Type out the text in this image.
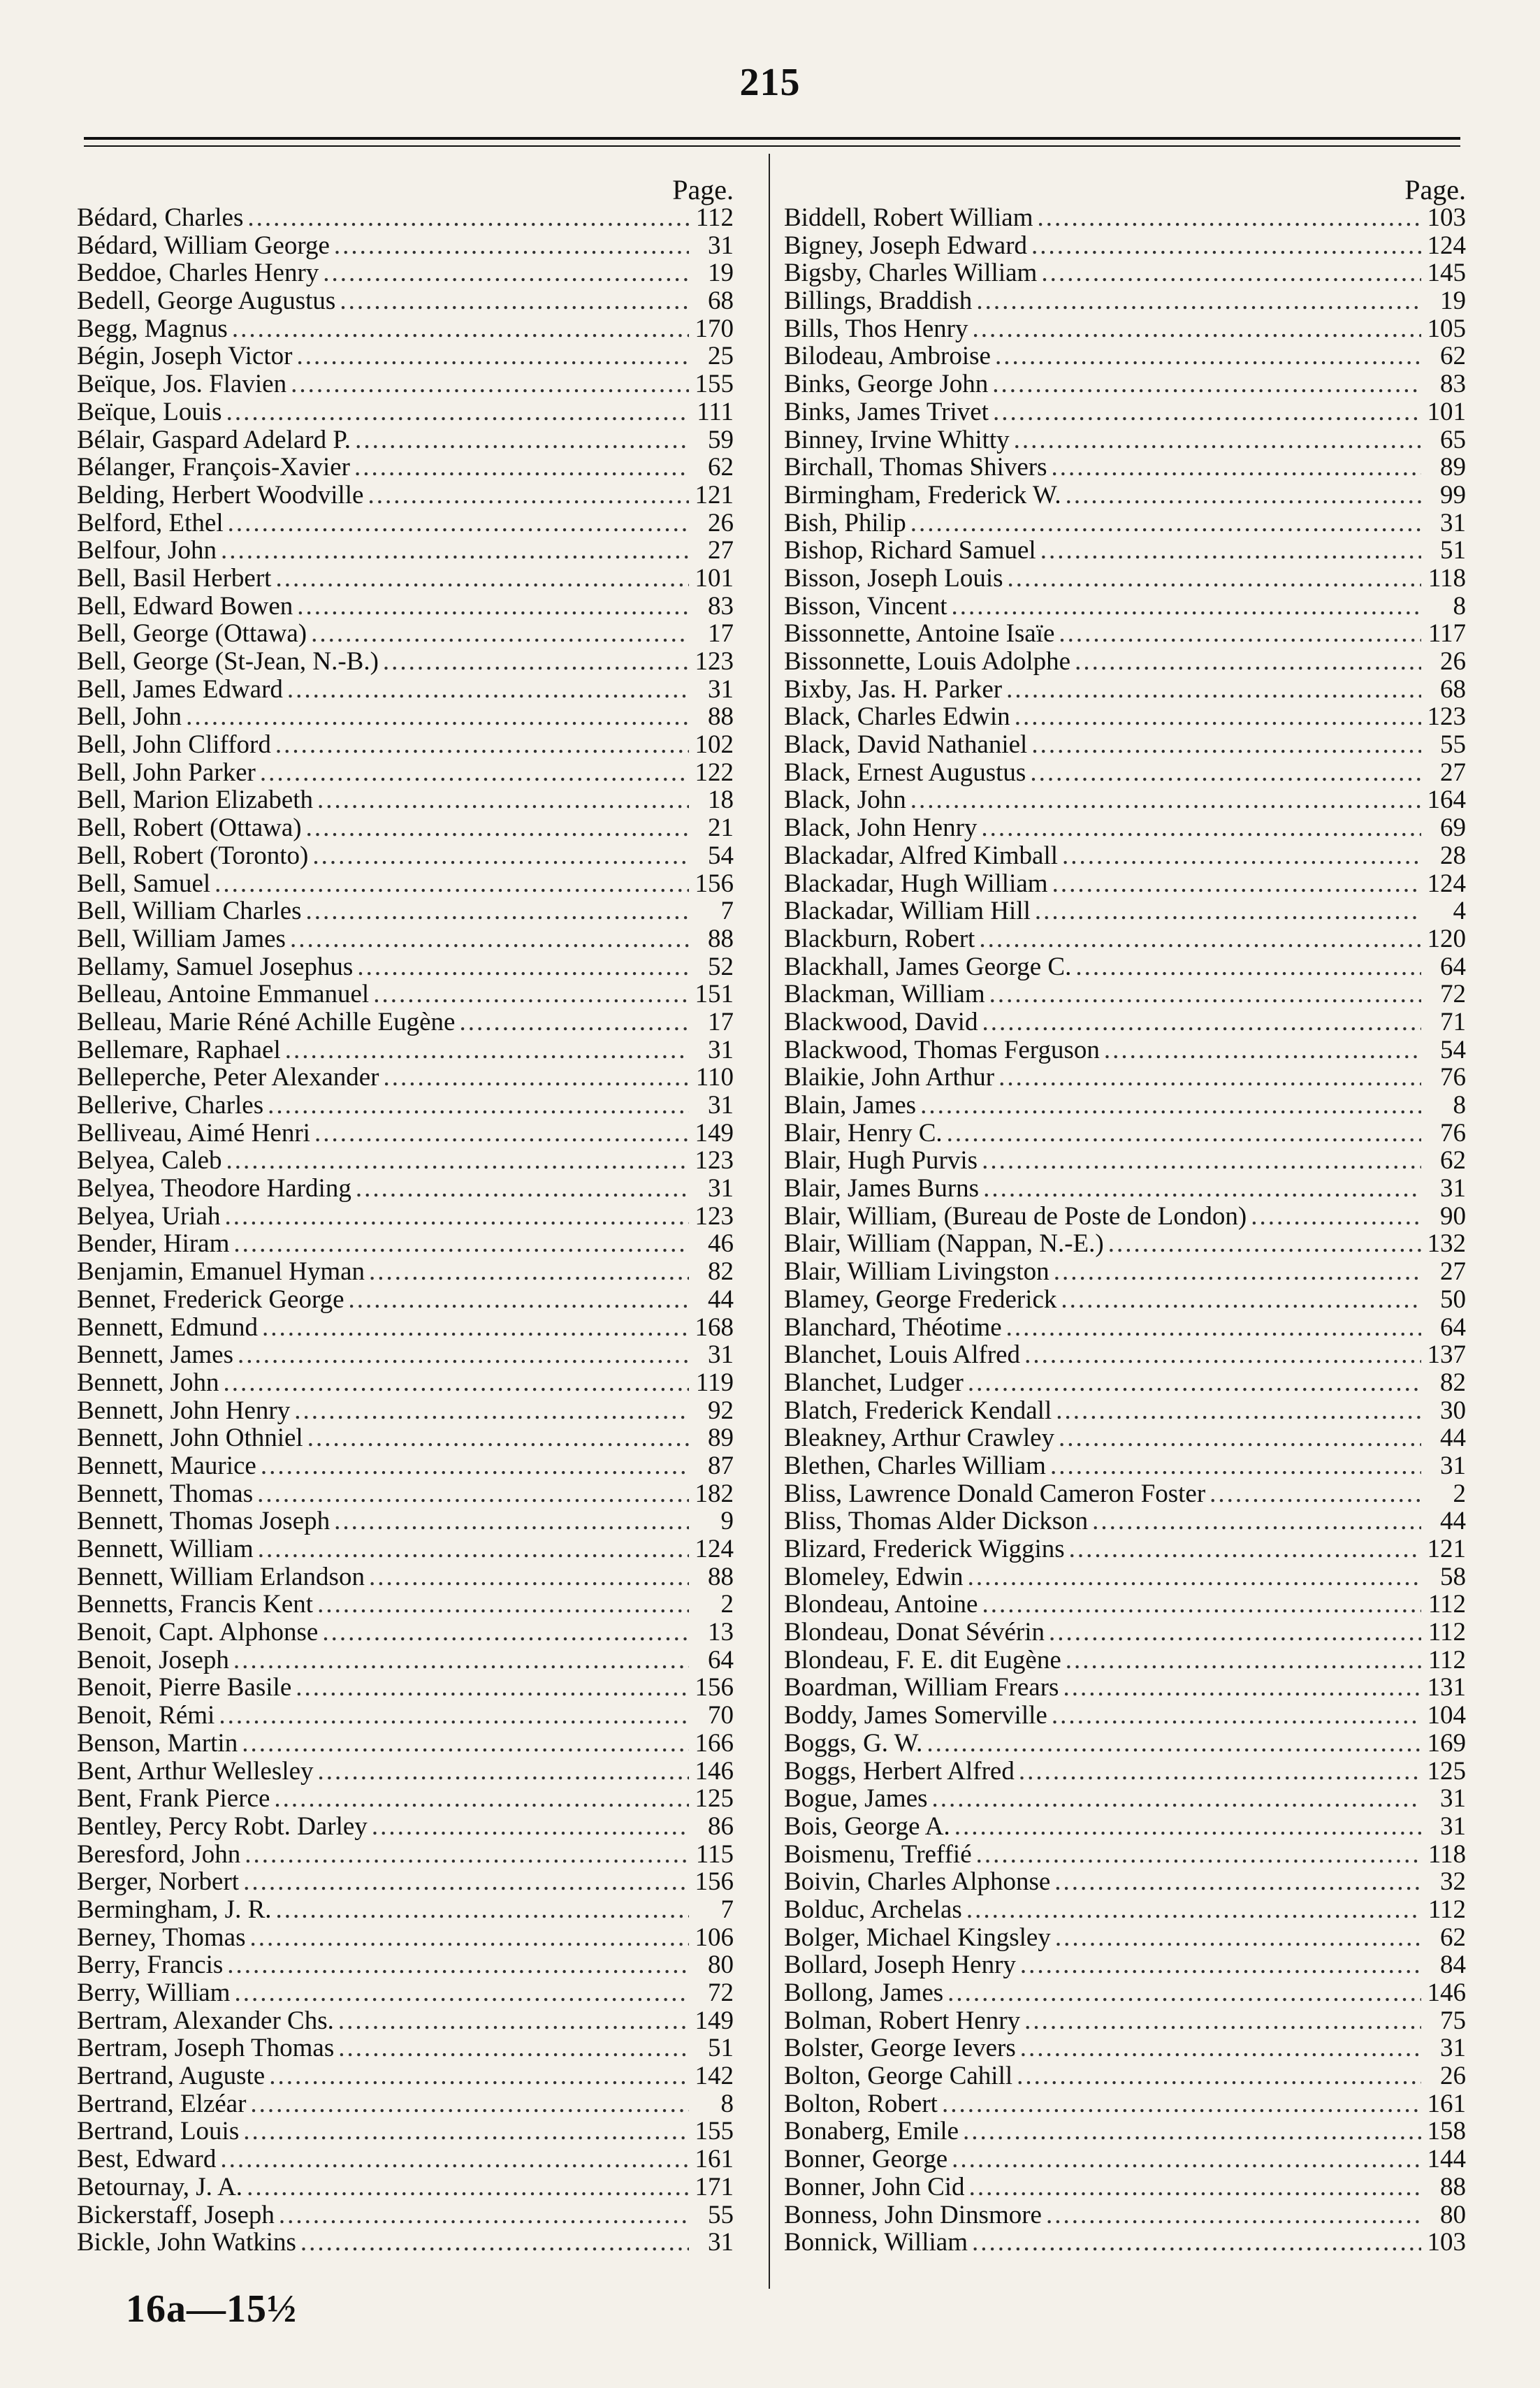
215
Page.
Bédard, Charles .....	112
Bédard, William George .....	31
Beddoe, Charles Henry .....	19
Bedell, George Augustus .....	68
Begg, Magnus .....	170
Bégin, Joseph Victor .....	25
Beïque, Jos. Flavien .....	155
Beïque, Louis .....	111
Bélair, Gaspard Adelard P. .....	59
Bélanger, François-Xavier .....	62
Belding, Herbert Woodville .....	121
Belford, Ethel .....	26
Belfour, John .....	27
Bell, Basil Herbert .....	101
Bell, Edward Bowen .....	83
Bell, George (Ottawa) .....	17
Bell, George (St-Jean, N.-B.) .....	123
Bell, James Edward .....	31
Bell, John .....	88
Bell, John Clifford .....	102
Bell, John Parker .....	122
Bell, Marion Elizabeth .....	18
Bell, Robert (Ottawa) .....	21
Bell, Robert (Toronto) .....	54
Bell, Samuel .....	156
Bell, William Charles .....	7
Bell, William James .....	88
Bellamy, Samuel Josephus .....	52
Belleau, Antoine Emmanuel .....	151
Belleau, Marie Réné Achille Eugène .....	17
Bellemare, Raphael .....	31
Belleperche, Peter Alexander .....	110
Bellerive, Charles .....	31
Belliveau, Aimé Henri .....	149
Belyea, Caleb .....	123
Belyea, Theodore Harding .....	31
Belyea, Uriah .....	123
Bender, Hiram .....	46
Benjamin, Emanuel Hyman .....	82
Bennet, Frederick George .....	44
Bennett, Edmund .....	168
Bennett, James .....	31
Bennett, John .....	119
Bennett, John Henry .....	92
Bennett, John Othniel .....	89
Bennett, Maurice .....	87
Bennett, Thomas .....	182
Bennett, Thomas Joseph .....	9
Bennett, William .....	124
Bennett, William Erlandson .....	88
Bennetts, Francis Kent .....	2
Benoit, Capt. Alphonse .....	13
Benoit, Joseph .....	64
Benoit, Pierre Basile .....	156
Benoit, Rémi .....	70
Benson, Martin .....	166
Bent, Arthur Wellesley .....	146
Bent, Frank Pierce .....	125
Bentley, Percy Robt. Darley .....	86
Beresford, John .....	115
Berger, Norbert .....	156
Bermingham, J. R. .....	7
Berney, Thomas .....	106
Berry, Francis .....	80
Berry, William .....	72
Bertram, Alexander Chs. .....	149
Bertram, Joseph Thomas .....	51
Bertrand, Auguste .....	142
Bertrand, Elzéar .....	8
Bertrand, Louis .....	155
Best, Edward .....	161
Betournay, J. A. .....	171
Bickerstaff, Joseph .....	55
Bickle, John Watkins .....	31
Page.
Biddell, Robert William .....	103
Bigney, Joseph Edward .....	124
Bigsby, Charles William .....	145
Billings, Braddish .....	19
Bills, Thos Henry .....	105
Bilodeau, Ambroise .....	62
Binks, George John .....	83
Binks, James Trivet .....	101
Binney, Irvine Whitty .....	65
Birchall, Thomas Shivers .....	89
Birmingham, Frederick W. .....	99
Bish, Philip .....	31
Bishop, Richard Samuel .....	51
Bisson, Joseph Louis .....	118
Bisson, Vincent .....	8
Bissonnette, Antoine Isaïe .....	117
Bissonnette, Louis Adolphe .....	26
Bixby, Jas. H. Parker .....	68
Black, Charles Edwin .....	123
Black, David Nathaniel .....	55
Black, Ernest Augustus .....	27
Black, John .....	164
Black, John Henry .....	69
Blackadar, Alfred Kimball .....	28
Blackadar, Hugh William .....	124
Blackadar, William Hill .....	4
Blackburn, Robert .....	120
Blackhall, James George C. .....	64
Blackman, William .....	72
Blackwood, David .....	71
Blackwood, Thomas Ferguson .....	54
Blaikie, John Arthur .....	76
Blain, James .....	8
Blair, Henry C. .....	76
Blair, Hugh Purvis .....	62
Blair, James Burns .....	31
Blair, William, (Bureau de Poste de London) .....	90
Blair, William (Nappan, N.-E.) .....	132
Blair, William Livingston .....	27
Blamey, George Frederick .....	50
Blanchard, Théotime .....	64
Blanchet, Louis Alfred .....	137
Blanchet, Ludger .....	82
Blatch, Frederick Kendall .....	30
Bleakney, Arthur Crawley .....	44
Blethen, Charles William .....	31
Bliss, Lawrence Donald Cameron Foster .....	2
Bliss, Thomas Alder Dickson .....	44
Blizard, Frederick Wiggins .....	121
Blomeley, Edwin .....	58
Blondeau, Antoine .....	112
Blondeau, Donat Sévérin .....	112
Blondeau, F. E. dit Eugène .....	112
Boardman, William Frears .....	131
Boddy, James Somerville .....	104
Boggs, G. W. .....	169
Boggs, Herbert Alfred .....	125
Bogue, James .....	31
Bois, George A. .....	31
Boismenu, Treffié .....	118
Boivin, Charles Alphonse .....	32
Bolduc, Archelas .....	112
Bolger, Michael Kingsley .....	62
Bollard, Joseph Henry .....	84
Bollong, James .....	146
Bolman, Robert Henry .....	75
Bolster, George Ievers .....	31
Bolton, George Cahill .....	26
Bolton, Robert .....	161
Bonaberg, Emile .....	158
Bonner, George .....	144
Bonner, John Cid .....	88
Bonness, John Dinsmore .....	80
Bonnick, William .....	103
16a—15½
